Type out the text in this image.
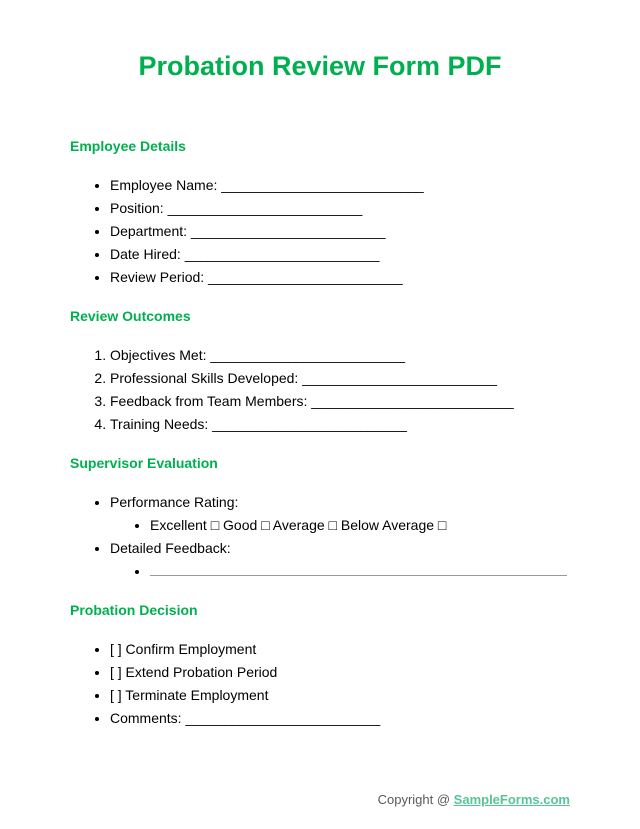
Probation Review Form PDF
Employee Details
• Employee Name: __________________________
• Position: _________________________
• Department: _________________________
• Date Hired: _________________________
• Review Period: _________________________
Review Outcomes
1. Objectives Met: _________________________
2. Professional Skills Developed: _________________________
3. Feedback from Team Members: __________________________
4. Training Needs: _________________________
Supervisor Evaluation
• Performance Rating:
• Excellent □ Good □ Average □ Below Average □
• Detailed Feedback:
•
Probation Decision
• [ ] Confirm Employment
• [ ] Extend Probation Period
• [ ] Terminate Employment
• Comments: _________________________
Copyright @ SampleForms.com
